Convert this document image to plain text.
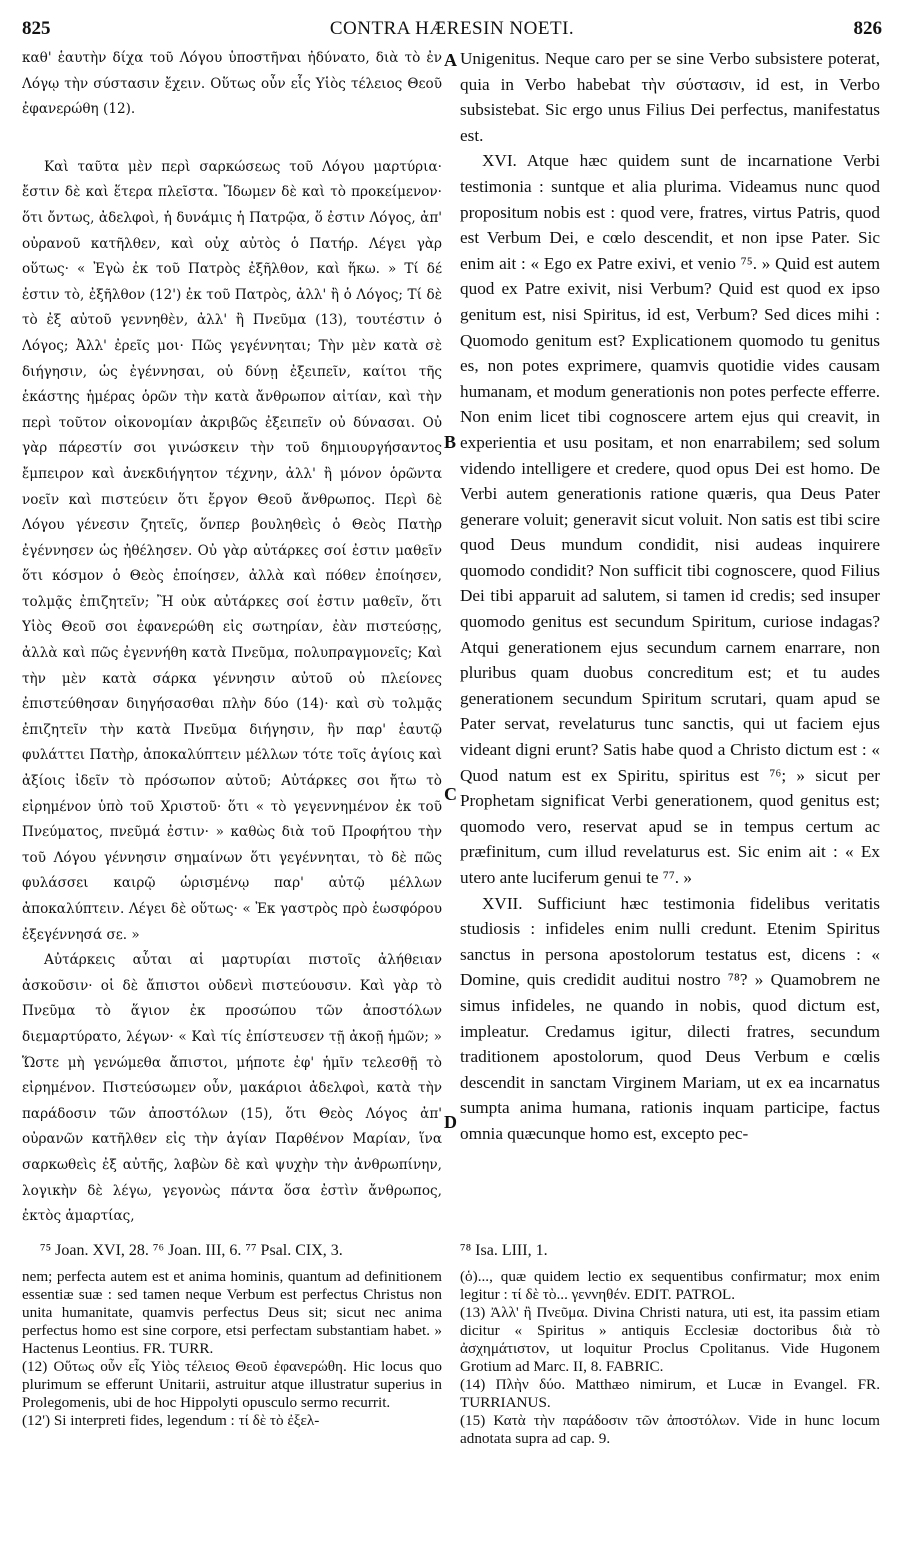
825	CONTRA HÆRESIN NOETI.	826

καθ' ἑαυτὴν δίχα τοῦ Λόγου ὑποστῆναι ἠδύνατο, διὰ τὸ ἐν Λόγῳ τὴν σύστασιν ἔχειν. Οὕτως οὖν εἷς Υἱὸς τέλειος Θεοῦ ἐφανερώθη (12).

Καὶ ταῦτα μὲν περὶ σαρκώσεως τοῦ Λόγου μαρτύρια· ἔστιν δὲ καὶ ἕτερα πλεῖστα. Ἴδωμεν δὲ καὶ τὸ προκείμενον· ὅτι ὄντως, ἀδελφοὶ, ἡ δυνάμις ἡ Πατρῷα, ὅ ἐστιν Λόγος, ἀπ' οὐρανοῦ κατῆλθεν, καὶ οὐχ αὐτὸς ὁ Πατήρ. Λέγει γὰρ οὕτως· « Ἐγὼ ἐκ τοῦ Πατρὸς ἐξῆλθον, καὶ ἥκω. » Τί δέ ἐστιν τὸ, ἐξῆλθον (12') ἐκ τοῦ Πατρὸς, ἀλλ' ἢ ὁ Λόγος; Τί δὲ τὸ ἐξ αὐτοῦ γεννηθὲν, ἀλλ' ἢ Πνεῦμα (13), τουτέστιν ὁ Λόγος; Ἀλλ' ἐρεῖς μοι· Πῶς γεγέννηται; Τὴν μὲν κατὰ σὲ διήγησιν, ὡς ἐγέννησαι, οὐ δύνῃ ἐξειπεῖν, καίτοι τῆς ἑκάστης ἡμέρας ὁρῶν τὴν κατὰ ἄνθρωπον αἰτίαν, καὶ τὴν περὶ τοῦτον οἰκονομίαν ἀκριβῶς ἐξειπεῖν οὐ δύνασαι. Οὐ γὰρ πάρεστίν σοι γινώσκειν τὴν τοῦ δημιουργήσαντος ἔμπειρον καὶ ἀνεκδιήγητον τέχνην, ἀλλ' ἢ μόνον ὁρῶντα νοεῖν καὶ πιστεύειν ὅτι ἔργον Θεοῦ ἄνθρωπος. Περὶ δὲ Λόγου γένεσιν ζητεῖς, ὅνπερ βουληθεὶς ὁ Θεὸς Πατὴρ ἐγέννησεν ὡς ἠθέλησεν. Οὐ γὰρ αὐτάρκες σοί ἐστιν μαθεῖν ὅτι κόσμον ὁ Θεὸς ἐποίησεν, ἀλλὰ καὶ πόθεν ἐποίησεν, τολμᾷς ἐπιζητεῖν; Ἢ οὐκ αὐτάρκες σοί ἐστιν μαθεῖν, ὅτι Υἱὸς Θεοῦ σοι ἐφανερώθη εἰς σωτηρίαν, ἐὰν πιστεύσῃς, ἀλλὰ καὶ πῶς ἐγεννήθη κατὰ Πνεῦμα, πολυπραγμονεῖς; Καὶ τὴν μὲν κατὰ σάρκα γέννησιν αὐτοῦ οὐ πλείονες ἐπιστεύθησαν διηγήσασθαι πλὴν δύο (14)· καὶ σὺ τολμᾷς ἐπιζητεῖν τὴν κατὰ Πνεῦμα διήγησιν, ἣν παρ' ἑαυτῷ φυλάττει Πατὴρ, ἀποκαλύπτειν μέλλων τότε τοῖς ἁγίοις καὶ ἀξίοις ἰδεῖν τὸ πρόσωπον αὐτοῦ; Αὐτάρκες σοι ἤτω τὸ εἰρημένον ὑπὸ τοῦ Χριστοῦ· ὅτι « τὸ γεγεννημένον ἐκ τοῦ Πνεύματος, πνεῦμά ἐστιν· » καθὼς διὰ τοῦ Προφήτου τὴν τοῦ Λόγου γέννησιν σημαίνων ὅτι γεγέννηται, τὸ δὲ πῶς φυλάσσει καιρῷ ὡρισμένῳ παρ' αὐτῷ μέλλων ἀποκαλύπτειν. Λέγει δὲ οὕτως· « Ἐκ γαστρὸς πρὸ ἑωσφόρου ἐξεγέννησά σε. »

Αὐτάρκεις αὗται αἱ μαρτυρίαι πιστοῖς ἀλήθειαν ἀσκοῦσιν· οἱ δὲ ἄπιστοι οὐδενὶ πιστεύουσιν. Καὶ γὰρ τὸ Πνεῦμα τὸ ἅγιον ἐκ προσώπου τῶν ἀποστόλων διεμαρτύρατο, λέγων· « Καὶ τίς ἐπίστευσεν τῇ ἀκοῇ ἡμῶν; » Ὥστε μὴ γενώμεθα ἄπιστοι, μήποτε ἐφ' ἡμῖν τελεσθῇ τὸ εἰρημένον. Πιστεύσωμεν οὖν, μακάριοι ἀδελφοὶ, κατὰ τὴν παράδοσιν τῶν ἀποστόλων (15), ὅτι Θεὸς Λόγος ἀπ' οὐρανῶν κατῆλθεν εἰς τὴν ἁγίαν Παρθένον Μαρίαν, ἵνα σαρκωθεὶς ἐξ αὐτῆς, λαβὼν δὲ καὶ ψυχὴν τὴν ἀνθρωπίνην, λογικὴν δὲ λέγω, γεγονὼς πάντα ὅσα ἐστὶν ἄνθρωπος, ἐκτὸς ἁμαρτίας,

A
B
C
D

Unigenitus. Neque caro per se sine Verbo subsistere poterat, quia in Verbo habebat τὴν σύστασιν, id est, in Verbo subsistebat. Sic ergo unus Filius Dei perfectus, manifestatus est.

XVI. Atque hæc quidem sunt de incarnatione Verbi testimonia : suntque et alia plurima. Videamus nunc quod propositum nobis est : quod vere, fratres, virtus Patris, quod est Verbum Dei, e cœlo descendit, et non ipse Pater. Sic enim ait : « Ego ex Patre exivi, et venio ⁷⁵. » Quid est autem quod ex Patre exivit, nisi Verbum? Quid est quod ex ipso genitum est, nisi Spiritus, id est, Verbum? Sed dices mihi : Quomodo genitum est? Explicationem quomodo tu genitus es, non potes exprimere, quamvis quotidie vides causam humanam, et modum generationis non potes perfecte efferre. Non enim licet tibi cognoscere artem ejus qui creavit, in experientia et usu positam, et non enarrabilem; sed solum videndo intelligere et credere, quod opus Dei est homo. De Verbi autem generationis ratione quæris, qua Deus Pater generare voluit; generavit sicut voluit. Non satis est tibi scire quod Deus mundum condidit, nisi audeas inquirere quomodo condidit? Non sufficit tibi cognoscere, quod Filius Dei tibi apparuit ad salutem, si tamen id credis; sed insuper quomodo genitus est secundum Spiritum, curiose indagas? Atqui generationem ejus secundum carnem enarrare, non pluribus quam duobus concreditum est; et tu audes generationem secundum Spiritum scrutari, quam apud se Pater servat, revelaturus tunc sanctis, qui ut faciem ejus videant digni erunt? Satis habe quod a Christo dictum est : « Quod natum est ex Spiritu, spiritus est ⁷⁶; » sicut per Prophetam significat Verbi generationem, quod genitus est; quomodo vero, reservat apud se in tempus certum ac præfinitum, cum illud revelaturus est. Sic enim ait : « Ex utero ante luciferum genui te ⁷⁷. »

XVII. Sufficiunt hæc testimonia fidelibus veritatis studiosis : infideles enim nulli credunt. Etenim Spiritus sanctus in persona apostolorum testatus est, dicens : « Domine, quis credidit auditui nostro ⁷⁸? » Quamobrem ne simus infideles, ne quando in nobis, quod dictum est, impleatur. Credamus igitur, dilecti fratres, secundum traditionem apostolorum, quod Deus Verbum e cœlis descendit in sanctam Virginem Mariam, ut ex ea incarnatus sumpta anima humana, rationis inquam participe, factus omnia quæcunque homo est, excepto pec-

⁷⁵ Joan. XVI, 28. ⁷⁶ Joan. III, 6. ⁷⁷ Psal. CIX, 3.	⁷⁸ Isa. LIII, 1.

nem; perfecta autem est et anima hominis, quantum ad definitionem essentiæ suæ : sed tamen neque Verbum est perfectus Christus non unita humanitate, quamvis perfectus Deus sit; sicut nec anima perfectus homo est sine corpore, etsi perfectam substantiam habet. » Hactenus Leontius. FR. TURR.

(12) Οὕτως οὖν εἷς Υἱὸς τέλειος Θεοῦ ἐφανερώθη. Hic locus quo plurimum se efferunt Unitarii, astruitur atque illustratur superius in Prolegomenis, ubi de hoc Hippolyti opusculo sermo recurrit.

(12') Si interpreti fides, legendum : τί δὲ τὸ ἐξελ-

(ὁ)..., quæ quidem lectio ex sequentibus confirmatur; mox enim legitur : τί δὲ τὸ... γεννηθέν. EDIT. PATROL.

(13) Ἀλλ' ἢ Πνεῦμα. Divina Christi natura, uti est, ita passim etiam dicitur « Spiritus » antiquis Ecclesiæ doctoribus διὰ τὸ ἀσχημάτιστον, ut loquitur Proclus Cpolitanus. Vide Hugonem Grotium ad Marc. II, 8. FABRIC.

(14) Πλὴν δύο. Matthæo nimirum, et Lucæ in Evangel. FR. TURRIANUS.

(15) Κατὰ τὴν παράδοσιν τῶν ἀποστόλων. Vide in hunc locum adnotata supra ad cap. 9.
